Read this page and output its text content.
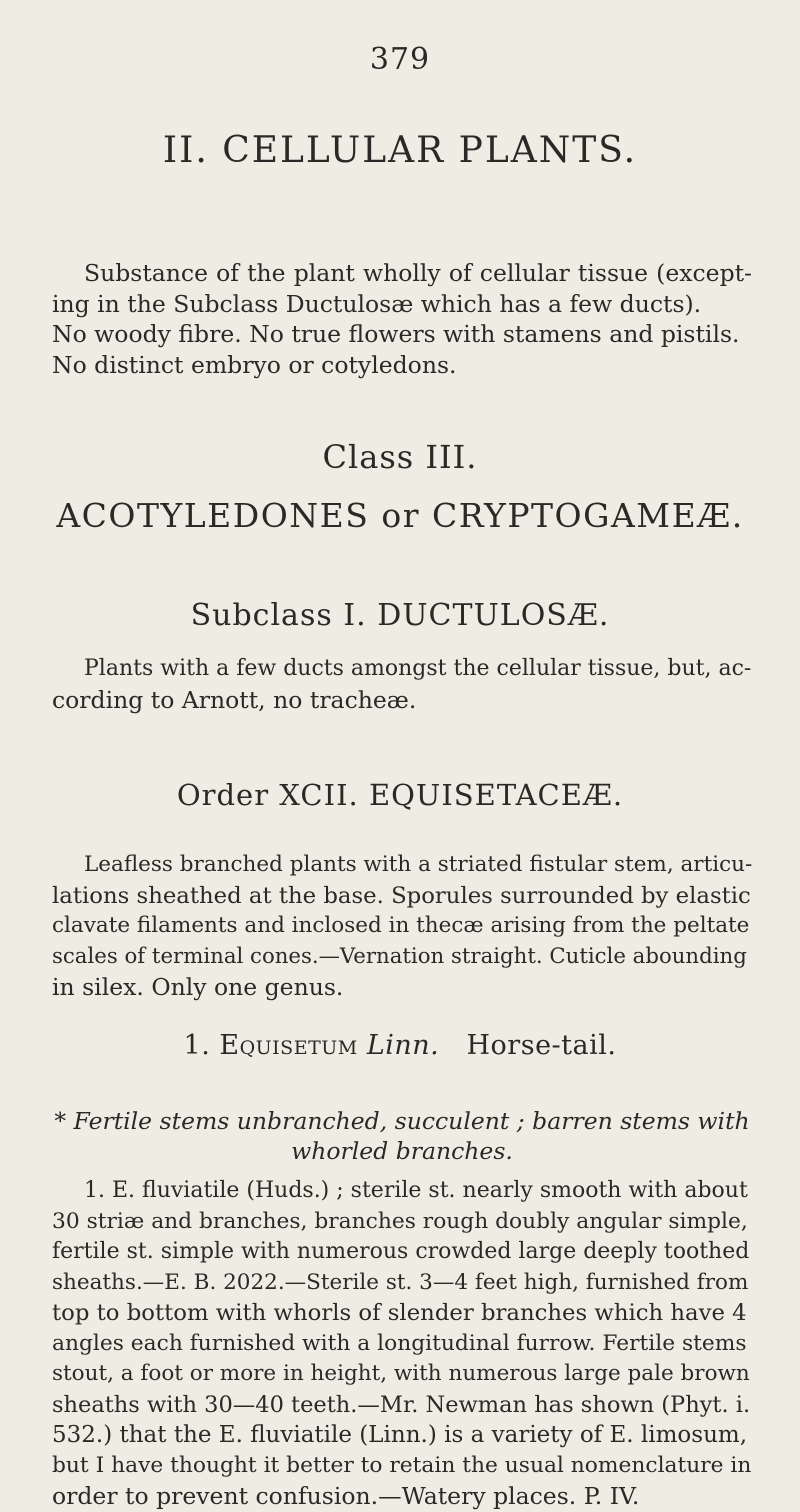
379
II. CELLULAR PLANTS.
Substance of the plant wholly of cellular tissue (except-
ing in the Subclass Ductulosæ which has a few ducts).
No woody fibre. No true flowers with stamens and pistils.
No distinct embryo or cotyledons.
Class III.
ACOTYLEDONES or CRYPTOGAMEÆ.
Subclass I. DUCTULOSÆ.
Plants with a few ducts amongst the cellular tissue, but, ac-
cording to Arnott, no tracheæ.
Order XCII. EQUISETACEÆ.
Leafless branched plants with a striated fistular stem, articu-
lations sheathed at the base. Sporules surrounded by elastic
clavate filaments and inclosed in thecæ arising from the peltate
scales of terminal cones.—Vernation straight. Cuticle abounding
in silex. Only one genus.
1. Equisetum Linn. Horse-tail.
* Fertile stems unbranched, succulent ; barren stems with
whorled branches.
1. E. fluviatile (Huds.) ; sterile st. nearly smooth with about
30 striæ and branches, branches rough doubly angular simple,
fertile st. simple with numerous crowded large deeply toothed
sheaths.—E. B. 2022.—Sterile st. 3—4 feet high, furnished from
top to bottom with whorls of slender branches which have 4
angles each furnished with a longitudinal furrow. Fertile stems
stout, a foot or more in height, with numerous large pale brown
sheaths with 30—40 teeth.—Mr. Newman has shown (Phyt. i.
532.) that the E. fluviatile (Linn.) is a variety of E. limosum,
but I have thought it better to retain the usual nomenclature in
order to prevent confusion.—Watery places. P. IV.
